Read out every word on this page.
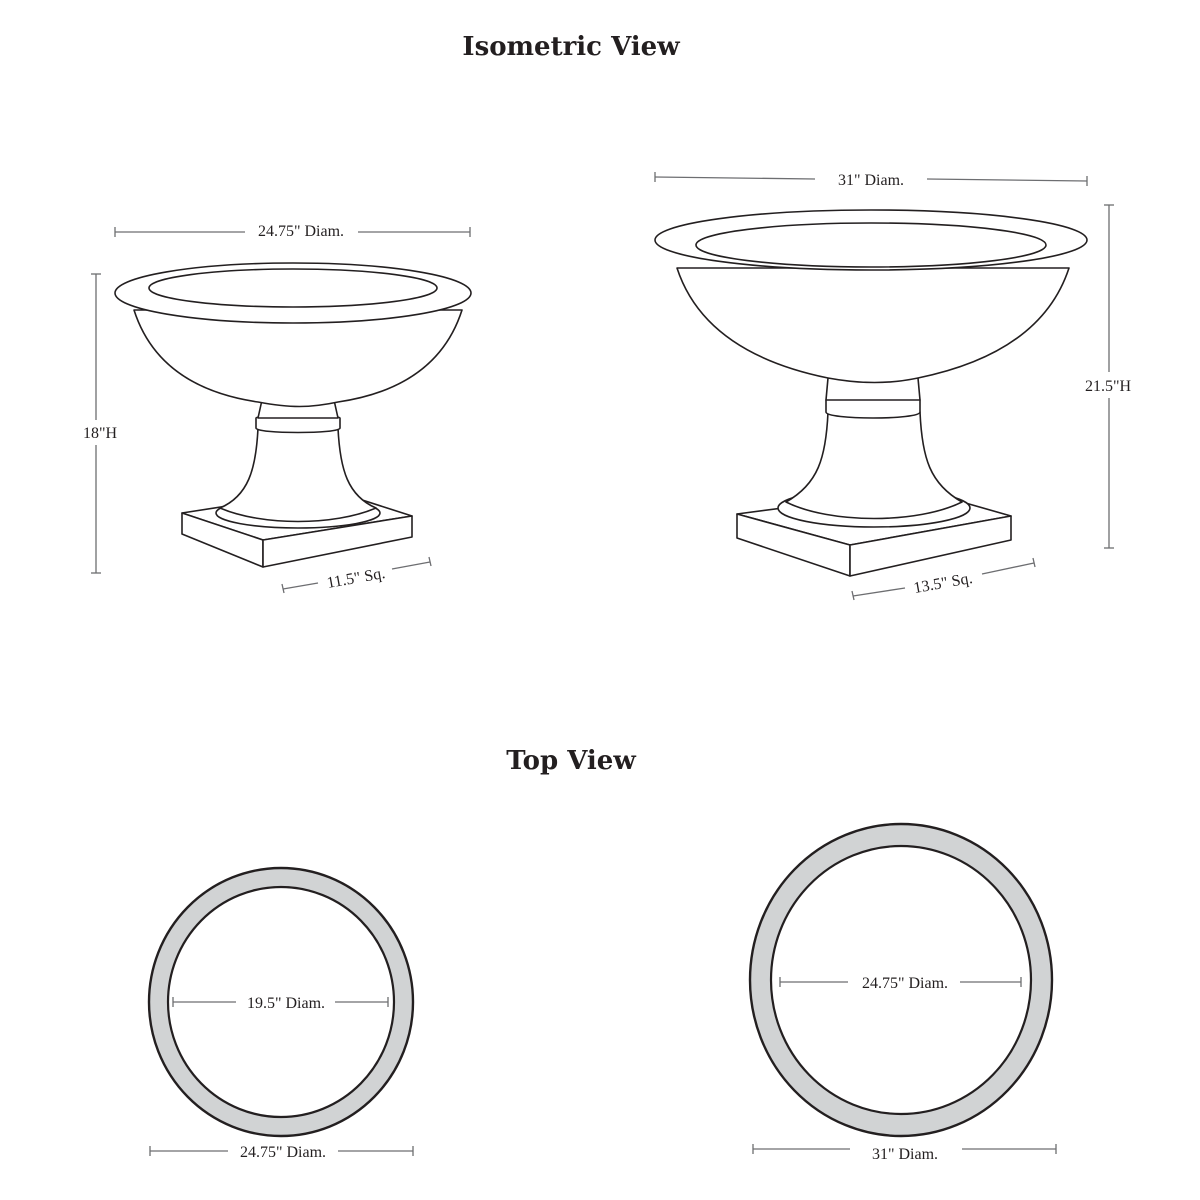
Isometric View
Top View
24.75" Diam.
18"H
11.5" Sq.
31" Diam.
21.5"H
13.5" Sq.
19.5" Diam.
24.75" Diam.
24.75" Diam.
31" Diam.
